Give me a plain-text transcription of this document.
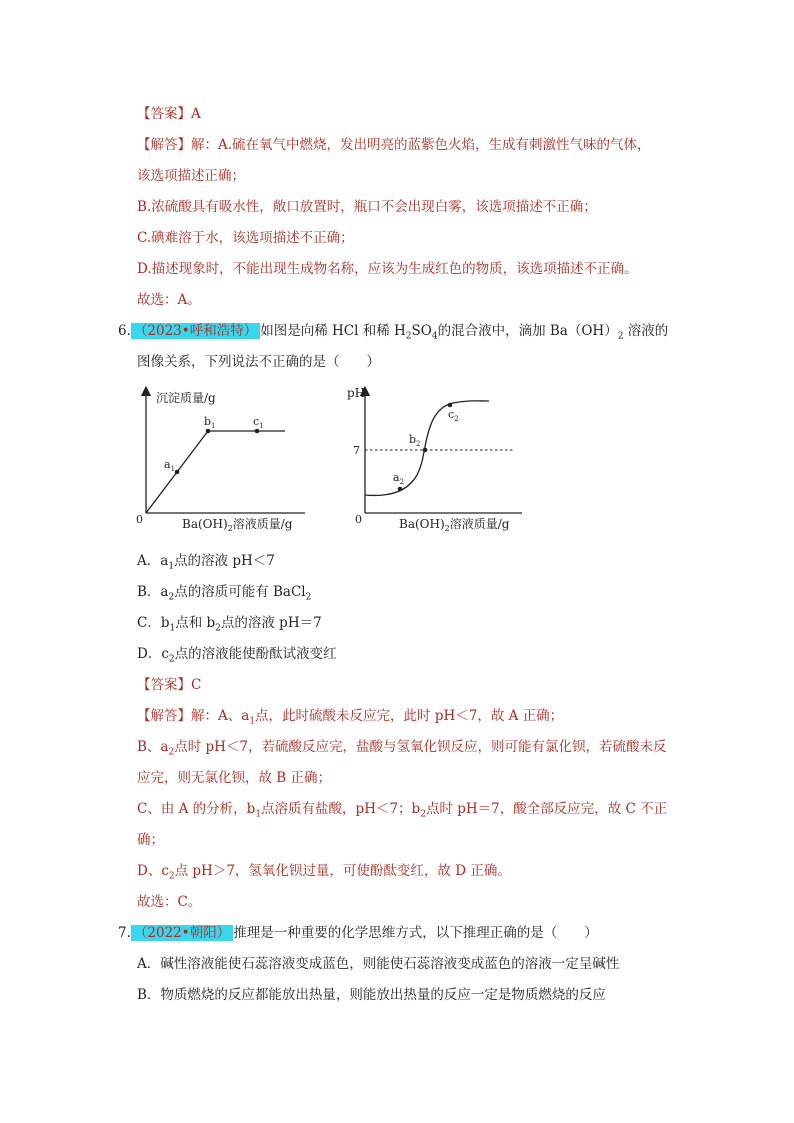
【答案】A
【解答】解：A.硫在氧气中燃烧，发出明亮的蓝紫色火焰，生成有刺激性气味的气体，
该选项描述正确；
B.浓硫酸具有吸水性，敞口放置时，瓶口不会出现白雾，该选项描述不正确；
C.碘难溶于水，该选项描述不正确；
D.描述现象时，不能出现生成物名称，应该为生成红色的物质，该选项描述不正确。
故选：A。
6. （2023•呼和浩特） 如图是向稀 HCl 和稀 $H_2SO_4$的混合液中，滴加 $Ba(OH)_2$ 溶液的
图像关系，下列说法不正确的是（　　）
沉淀质量/g
0
$a_1$
$b_1$	$c_1$
$Ba(OH)_2$溶液质量/g
pH
7
0
$a_2$
$b_2$
$c_2$
$Ba(OH)_2$溶液质量/g
A．$a_1$点的溶液 pH＜7
B．$a_2$点的溶质可能有 BaCl$_2$
C．$b_1$点和 $b_2$点的溶液 pH＝7
D．$c_2$点的溶液能使酚酞试液变红
【答案】C
【解答】解：A、$a_1$点，此时硫酸未反应完，此时 pH＜7，故 A 正确；
B、$a_2$点时 pH＜7，若硫酸反应完，盐酸与氢氧化钡反应，则可能有氯化钡，若硫酸未反
应完，则无氯化钡，故 B 正确；
C、由 A 的分析，$b_1$点溶质有盐酸，pH＜7；$b_2$点时 pH＝7，酸全部反应完，故 C 不正
确；
D、$c_2$点 pH＞7，氢氧化钡过量，可使酚酞变红，故 D 正确。
故选：C。
7. （2022•朝阳） 推理是一种重要的化学思维方式，以下推理正确的是（　　）
A．碱性溶液能使石蕊溶液变成蓝色，则能使石蕊溶液变成蓝色的溶液一定呈碱性
B．物质燃烧的反应都能放出热量，则能放出热量的反应一定是物质燃烧的反应
